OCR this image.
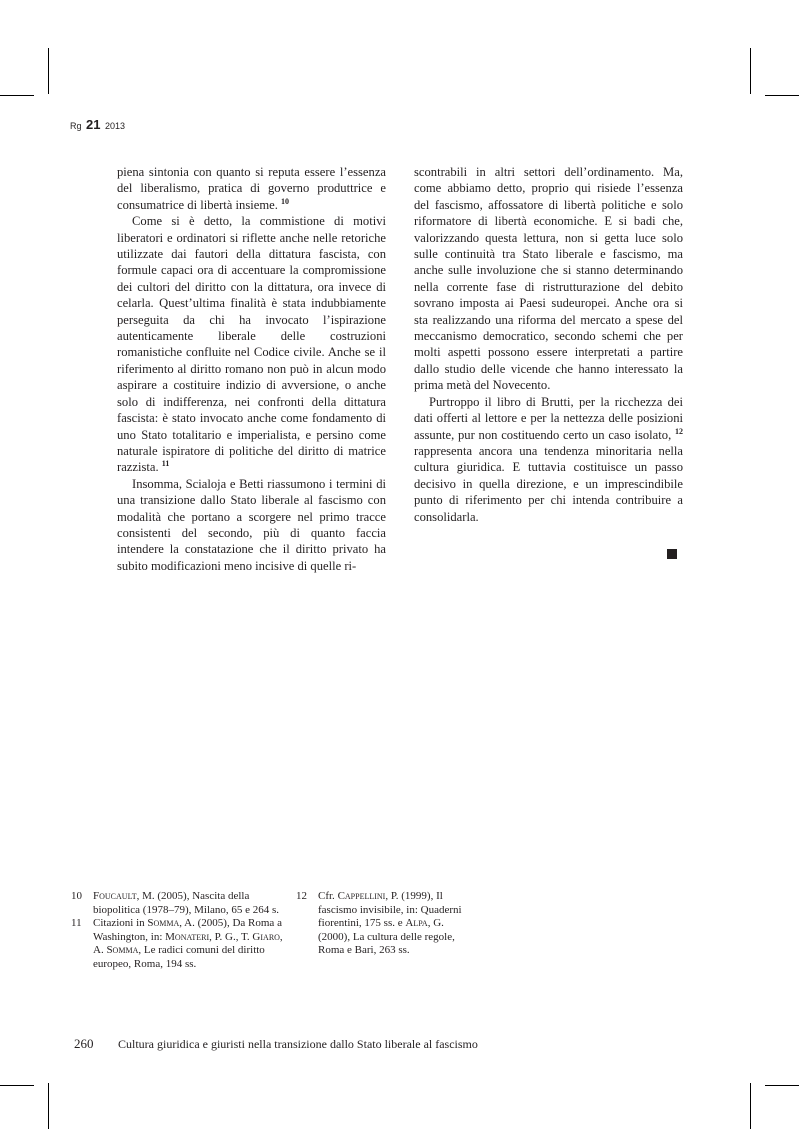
Rg 21 2013

piena sintonia con quanto si reputa essere l’essenza del liberalismo, pratica di governo produttrice e consumatrice di libertà insieme. $^{10}$

Come si è detto, la commistione di motivi liberatori e ordinatori si riflette anche nelle retoriche utilizzate dai fautori della dittatura fascista, con formule capaci ora di accentuare la compromissione dei cultori del diritto con la dittatura, ora invece di celarla. Quest’ultima finalità è stata indubbiamente perseguita da chi ha invocato l’ispirazione autenticamente liberale delle costruzioni romanistiche confluite nel Codice civile. Anche se il riferimento al diritto romano non può in alcun modo aspirare a costituire indizio di avversione, o anche solo di indifferenza, nei confronti della dittatura fascista: è stato invocato anche come fondamento di uno Stato totalitario e imperialista, e persino come naturale ispiratore di politiche del diritto di matrice razzista. $^{11}$

Insomma, Scialoja e Betti riassumono i termini di una transizione dallo Stato liberale al fascismo con modalità che portano a scorgere nel primo tracce consistenti del secondo, più di quanto faccia intendere la constatazione che il diritto privato ha subito modificazioni meno incisive di quelle ri-

scontrabili in altri settori dell’ordinamento. Ma, come abbiamo detto, proprio qui risiede l’essenza del fascismo, affossatore di libertà politiche e solo riformatore di libertà economiche. E si badi che, valorizzando questa lettura, non si getta luce solo sulle continuità tra Stato liberale e fascismo, ma anche sulle involuzione che si stanno determinando nella corrente fase di ristrutturazione del debito sovrano imposta ai Paesi sudeuropei. Anche ora si sta realizzando una riforma del mercato a spese del meccanismo democratico, secondo schemi che per molti aspetti possono essere interpretati a partire dallo studio delle vicende che hanno interessato la prima metà del Novecento.

Purtroppo il libro di Brutti, per la ricchezza dei dati offerti al lettore e per la nettezza delle posizioni assunte, pur non costituendo certo un caso isolato, $^{12}$ rappresenta ancora una tendenza minoritaria nella cultura giuridica. E tuttavia costituisce un passo decisivo in quella direzione, e un imprescindibile punto di riferimento per chi intenda contribuire a consolidarla.

10	Foucault, M. (2005), Nascita della biopolitica (1978–79), Milano, 65 e 264 s.
11	Citazioni in Somma, A. (2005), Da Roma a Washington, in: Monateri, P. G., T. Giaro, A. Somma, Le radici comuni del diritto europeo, Roma, 194 ss.
12	Cfr. Cappellini, P. (1999), Il fascismo invisibile, in: Quaderni fiorentini, 175 ss. e Alpa, G. (2000), La cultura delle regole, Roma e Bari, 263 ss.
260 Cultura giuridica e giuristi nella transizione dallo Stato liberale al fascismo
